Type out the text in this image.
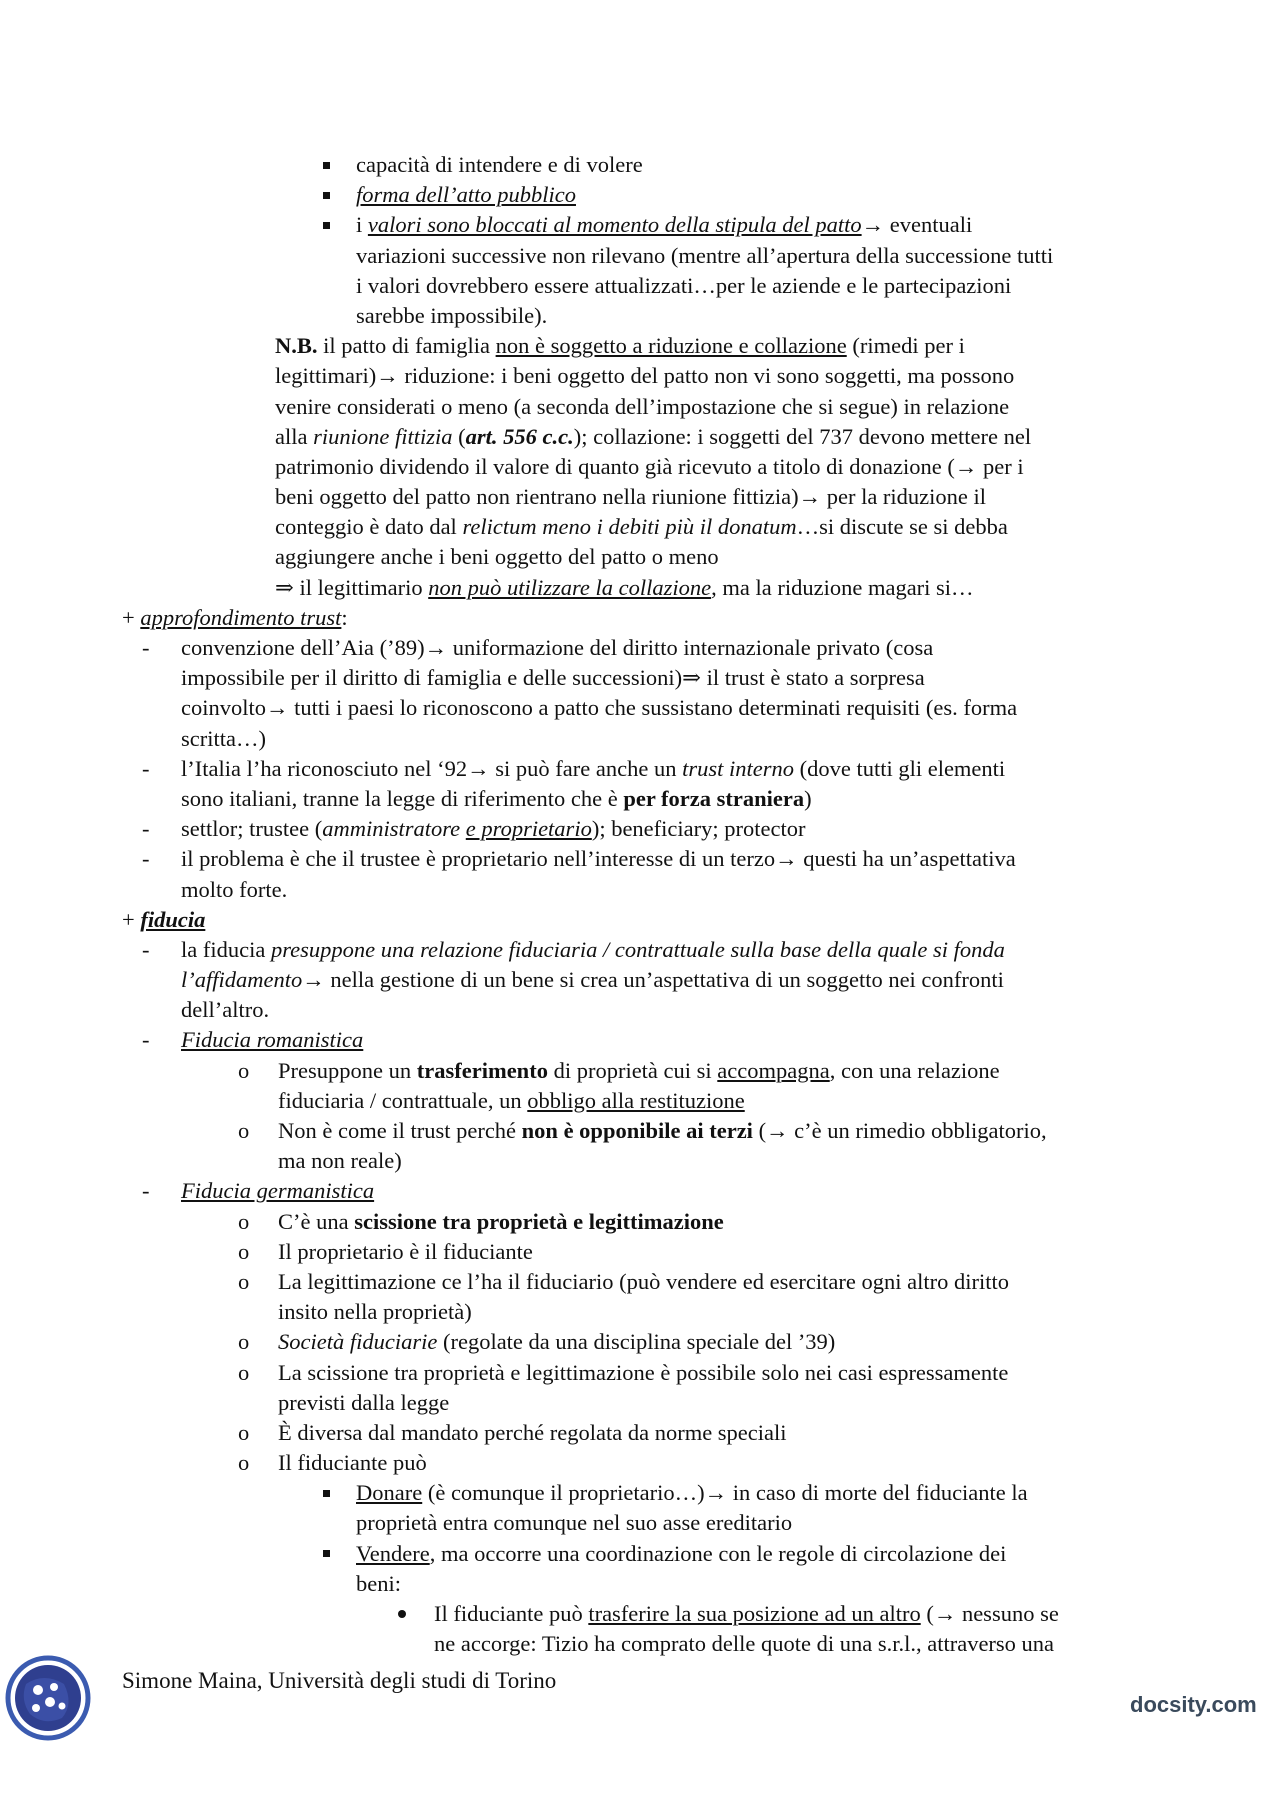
capacità di intendere e di volere
forma dell’atto pubblico
i valori sono bloccati al momento della stipula del patto→ eventuali
variazioni successive non rilevano (mentre all’apertura della successione tutti
i valori dovrebbero essere attualizzati…per le aziende e le partecipazioni
sarebbe impossibile).
N.B. il patto di famiglia non è soggetto a riduzione e collazione (rimedi per i
legittimari)→ riduzione: i beni oggetto del patto non vi sono soggetti, ma possono
venire considerati o meno (a seconda dell’impostazione che si segue) in relazione
alla riunione fittizia (art. 556 c.c.); collazione: i soggetti del 737 devono mettere nel
patrimonio dividendo il valore di quanto già ricevuto a titolo di donazione (→ per i
beni oggetto del patto non rientrano nella riunione fittizia)→ per la riduzione il
conteggio è dato dal relictum meno i debiti più il donatum…si discute se si debba
aggiungere anche i beni oggetto del patto o meno
⇒ il legittimario non può utilizzare la collazione, ma la riduzione magari si…
+ approfondimento trust:
- convenzione dell’Aia (’89)→ uniformazione del diritto internazionale privato (cosa
impossibile per il diritto di famiglia e delle successioni)⇒ il trust è stato a sorpresa
coinvolto→ tutti i paesi lo riconoscono a patto che sussistano determinati requisiti (es. forma
scritta…)
- l’Italia l’ha riconosciuto nel ‘92→ si può fare anche un trust interno (dove tutti gli elementi
sono italiani, tranne la legge di riferimento che è per forza straniera)
- settlor; trustee (amministratore e proprietario); beneficiary; protector
- il problema è che il trustee è proprietario nell’interesse di un terzo→ questi ha un’aspettativa
molto forte.
+ fiducia
- la fiducia presuppone una relazione fiduciaria / contrattuale sulla base della quale si fonda
l’affidamento→ nella gestione di un bene si crea un’aspettativa di un soggetto nei confronti
dell’altro.
- Fiducia romanistica
o Presuppone un trasferimento di proprietà cui si accompagna, con una relazione
fiduciaria / contrattuale, un obbligo alla restituzione
o Non è come il trust perché non è opponibile ai terzi (→ c’è un rimedio obbligatorio,
ma non reale)
- Fiducia germanistica
o C’è una scissione tra proprietà e legittimazione
o Il proprietario è il fiduciante
o La legittimazione ce l’ha il fiduciario (può vendere ed esercitare ogni altro diritto
insito nella proprietà)
o Società fiduciarie (regolate da una disciplina speciale del ’39)
o La scissione tra proprietà e legittimazione è possibile solo nei casi espressamente
previsti dalla legge
o È diversa dal mandato perché regolata da norme speciali
o Il fiduciante può
Donare (è comunque il proprietario…)→ in caso di morte del fiduciante la
proprietà entra comunque nel suo asse ereditario
Vendere, ma occorre una coordinazione con le regole di circolazione dei
beni:
Il fiduciante può trasferire la sua posizione ad un altro (→ nessuno se
ne accorge: Tizio ha comprato delle quote di una s.r.l., attraverso una
Simone Maina, Università degli studi di Torino
docsity.com
